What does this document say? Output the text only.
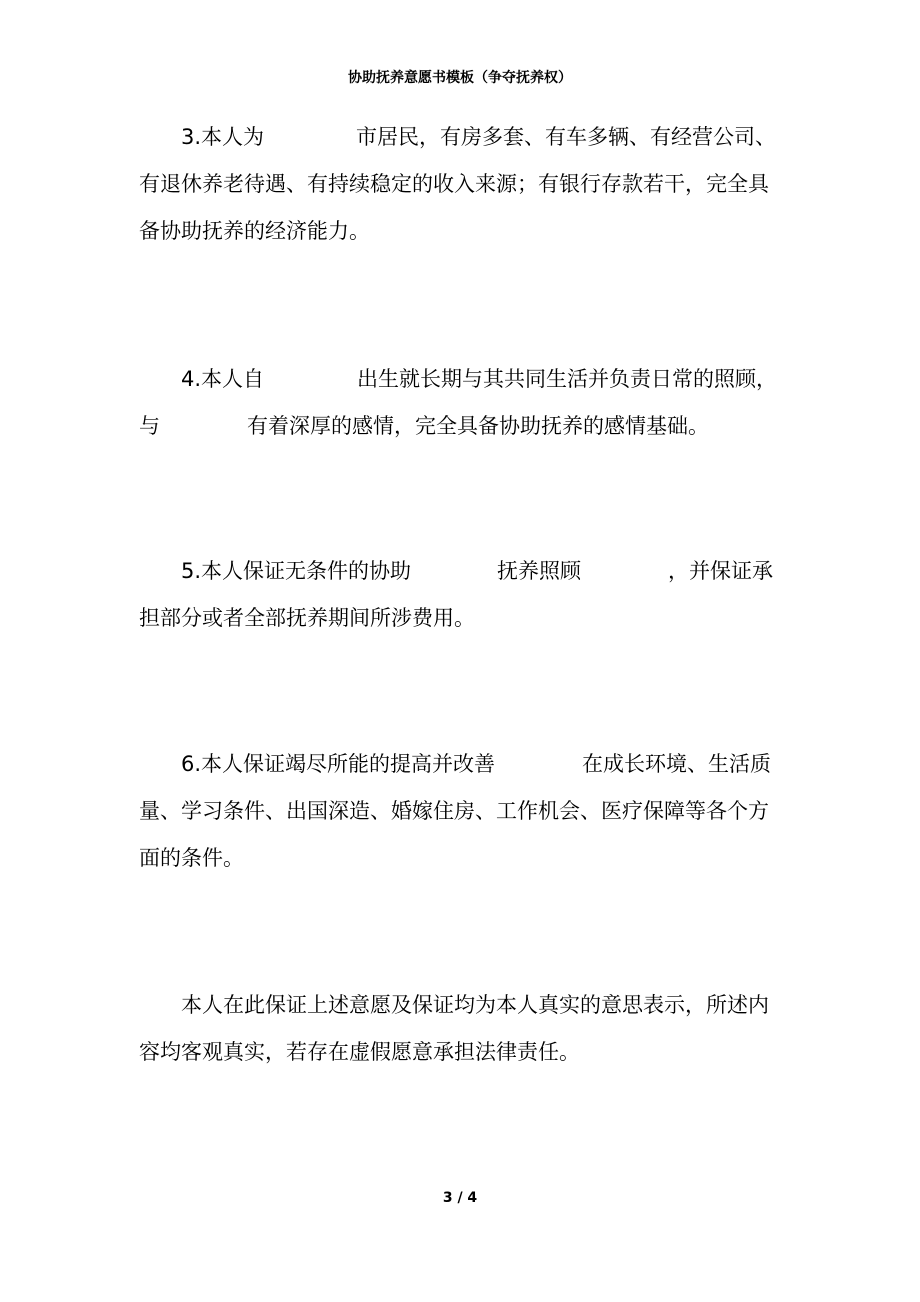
协助抚养意愿书模板（争夺抚养权）
3.本人为	市居民，有房多套、有车多辆、有经营公司、
有退休养老待遇、有持续稳定的收入来源；有银行存款若干，完全具
备协助抚养的经济能力。
4.本人自	出生就长期与其共同生活并负责日常的照顾，
与	有着深厚的感情，完全具备协助抚养的感情基础。
5.本人保证无条件的协助	抚养照顾	，并保证承
担部分或者全部抚养期间所涉费用。
6.本人保证竭尽所能的提高并改善	在成长环境、生活质
量、学习条件、出国深造、婚嫁住房、工作机会、医疗保障等各个方
面的条件。
本人在此保证上述意愿及保证均为本人真实的意思表示，所述内
容均客观真实，若存在虚假愿意承担法律责任。
3 / 4
